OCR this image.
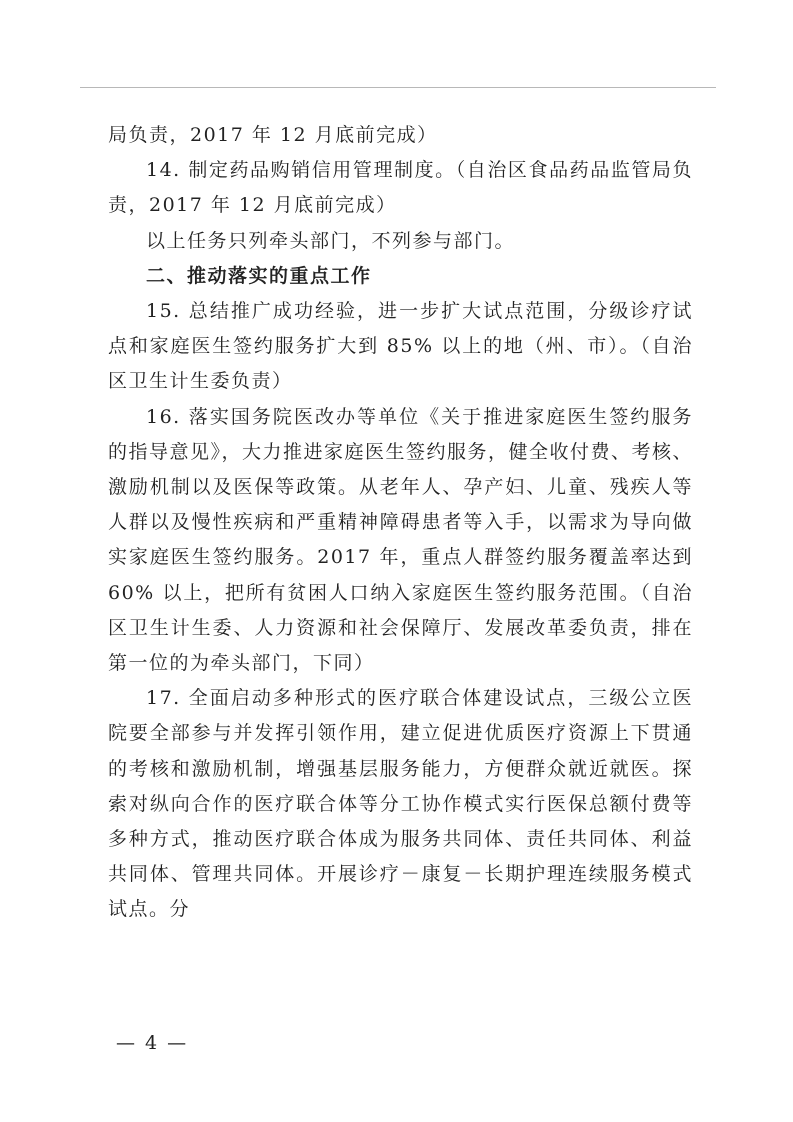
局负责，2017 年 12 月底前完成）

14. 制定药品购销信用管理制度。（自治区食品药品监管局负责，2017 年 12 月底前完成）

以上任务只列牵头部门，不列参与部门。

二、推动落实的重点工作

15. 总结推广成功经验，进一步扩大试点范围，分级诊疗试点和家庭医生签约服务扩大到 85% 以上的地（州、市）。（自治区卫生计生委负责）

16. 落实国务院医改办等单位《关于推进家庭医生签约服务的指导意见》，大力推进家庭医生签约服务，健全收付费、考核、激励机制以及医保等政策。从老年人、孕产妇、儿童、残疾人等人群以及慢性疾病和严重精神障碍患者等入手，以需求为导向做实家庭医生签约服务。2017 年，重点人群签约服务覆盖率达到 60% 以上，把所有贫困人口纳入家庭医生签约服务范围。（自治区卫生计生委、人力资源和社会保障厅、发展改革委负责，排在第一位的为牵头部门，下同）

17. 全面启动多种形式的医疗联合体建设试点，三级公立医院要全部参与并发挥引领作用，建立促进优质医疗资源上下贯通的考核和激励机制，增强基层服务能力，方便群众就近就医。探索对纵向合作的医疗联合体等分工协作模式实行医保总额付费等多种方式，推动医疗联合体成为服务共同体、责任共同体、利益共同体、管理共同体。开展诊疗－康复－长期护理连续服务模式试点。分

— 4 —
